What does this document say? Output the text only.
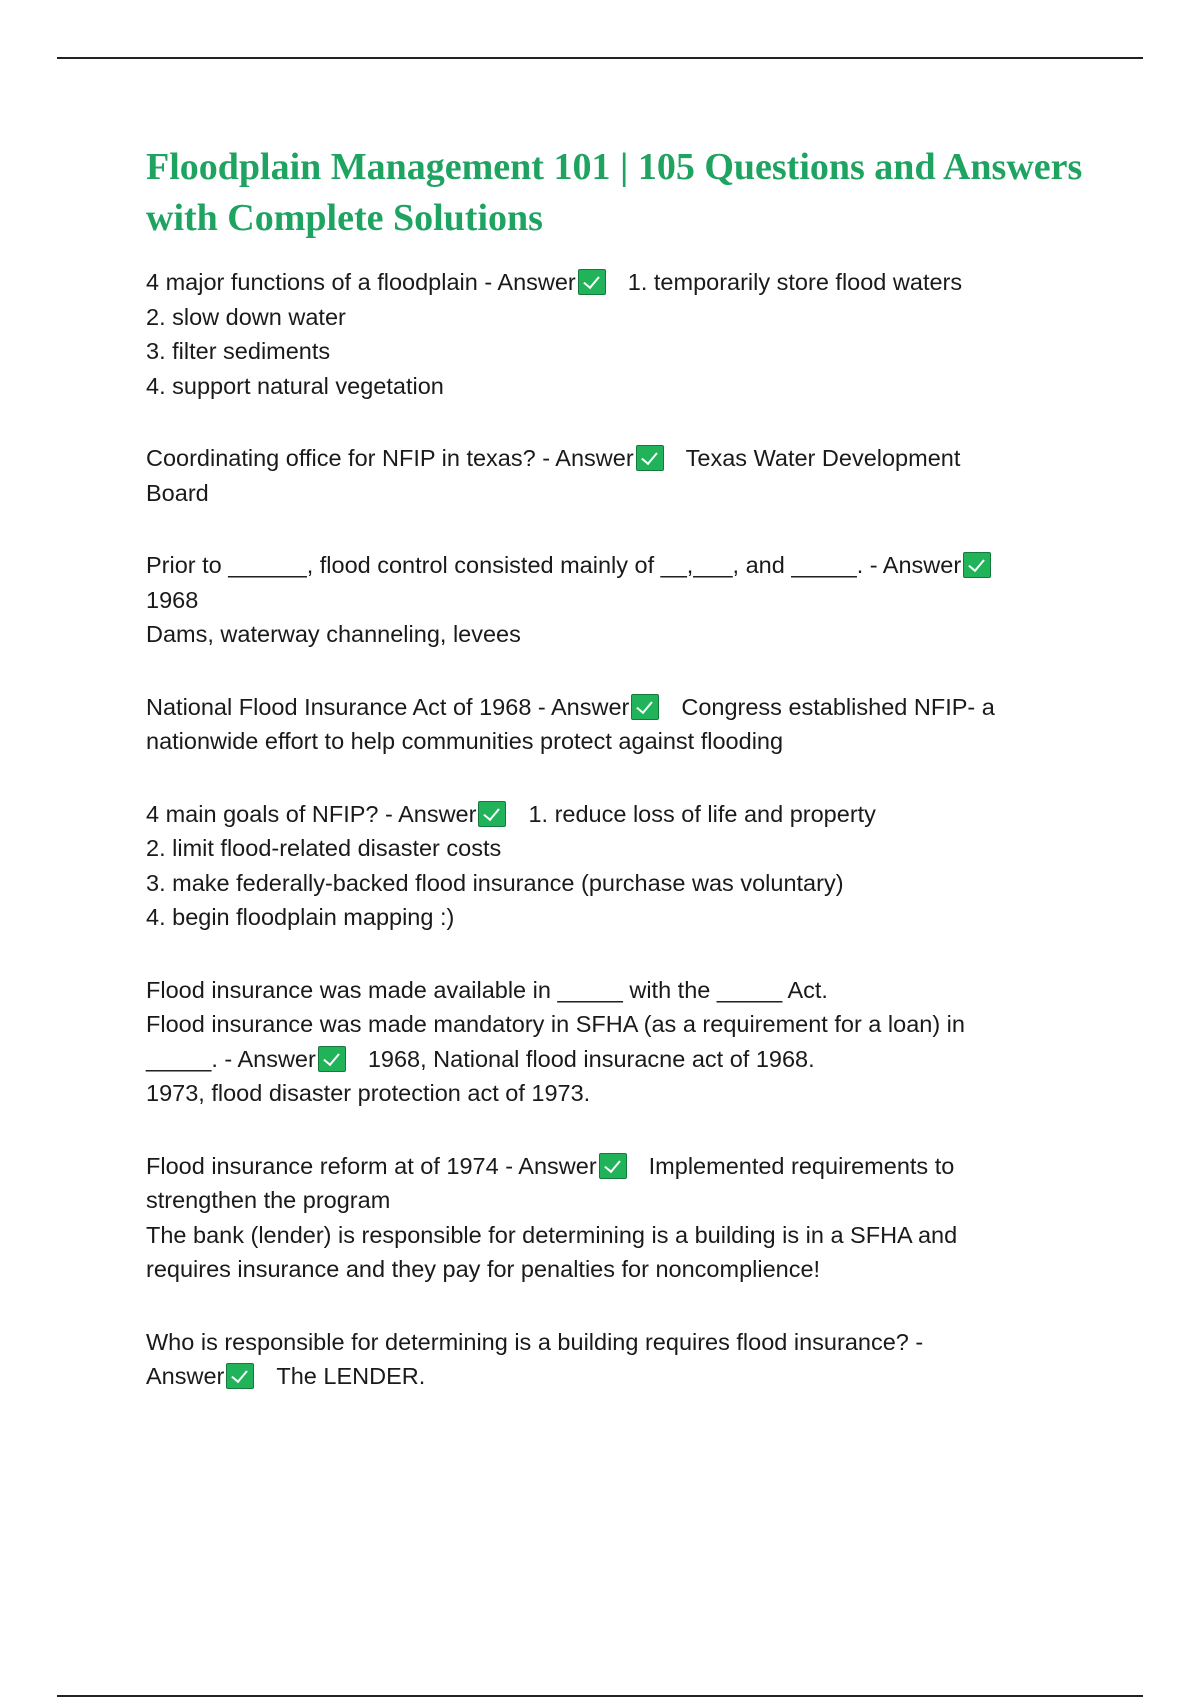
Floodplain Management 101 | 105 Questions and Answers with Complete Solutions
4 major functions of a floodplain - Answer 1. temporarily store flood waters
2. slow down water
3. filter sediments
4. support natural vegetation
Coordinating office for NFIP in texas? - Answer Texas Water Development
Board
Prior to ______, flood control consisted mainly of __,___, and _____. - Answer
1968
Dams, waterway channeling, levees
National Flood Insurance Act of 1968 - Answer Congress established NFIP- a
nationwide effort to help communities protect against flooding
4 main goals of NFIP? - Answer 1. reduce loss of life and property
2. limit flood-related disaster costs
3. make federally-backed flood insurance (purchase was voluntary)
4. begin floodplain mapping :)
Flood insurance was made available in _____ with the _____ Act.
Flood insurance was made mandatory in SFHA (as a requirement for a loan) in
_____. - Answer 1968, National flood insuracne act of 1968.
1973, flood disaster protection act of 1973.
Flood insurance reform at of 1974 - Answer Implemented requirements to
strengthen the program
The bank (lender) is responsible for determining is a building is in a SFHA and
requires insurance and they pay for penalties for noncomplience!
Who is responsible for determining is a building requires flood insurance? -
Answer The LENDER.
